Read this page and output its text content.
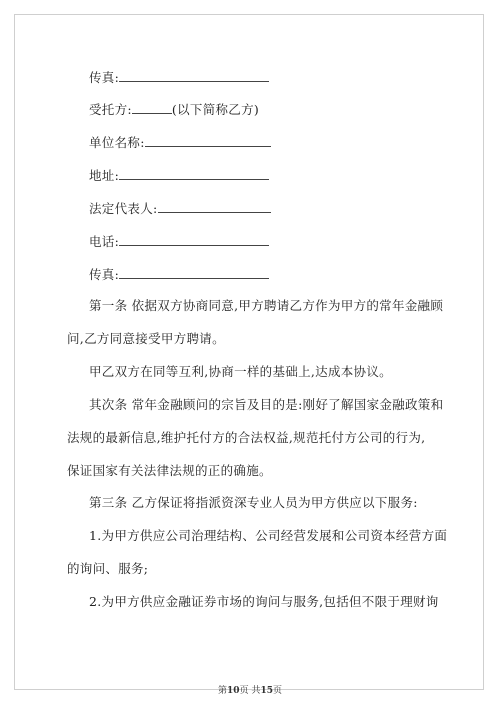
传真:
受托方:	(以下简称乙方)
单位名称:
地址:
法定代表人:
电话:
传真:
第一条 依据双方协商同意,甲方聘请乙方作为甲方的常年金融顾
问,乙方同意接受甲方聘请。
甲乙双方在同等互利,协商一样的基础上,达成本协议。
其次条 常年金融顾问的宗旨及目的是:刚好了解国家金融政策和
法规的最新信息,维护托付方的合法权益,规范托付方公司的行为,
保证国家有关法律法规的正的确施。
第三条 乙方保证将指派资深专业人员为甲方供应以下服务:
1.为甲方供应公司治理结构、公司经营发展和公司资本经营方面
的询问、服务;
2.为甲方供应金融证券市场的询问与服务,包括但不限于理财询
第10页 共15页
